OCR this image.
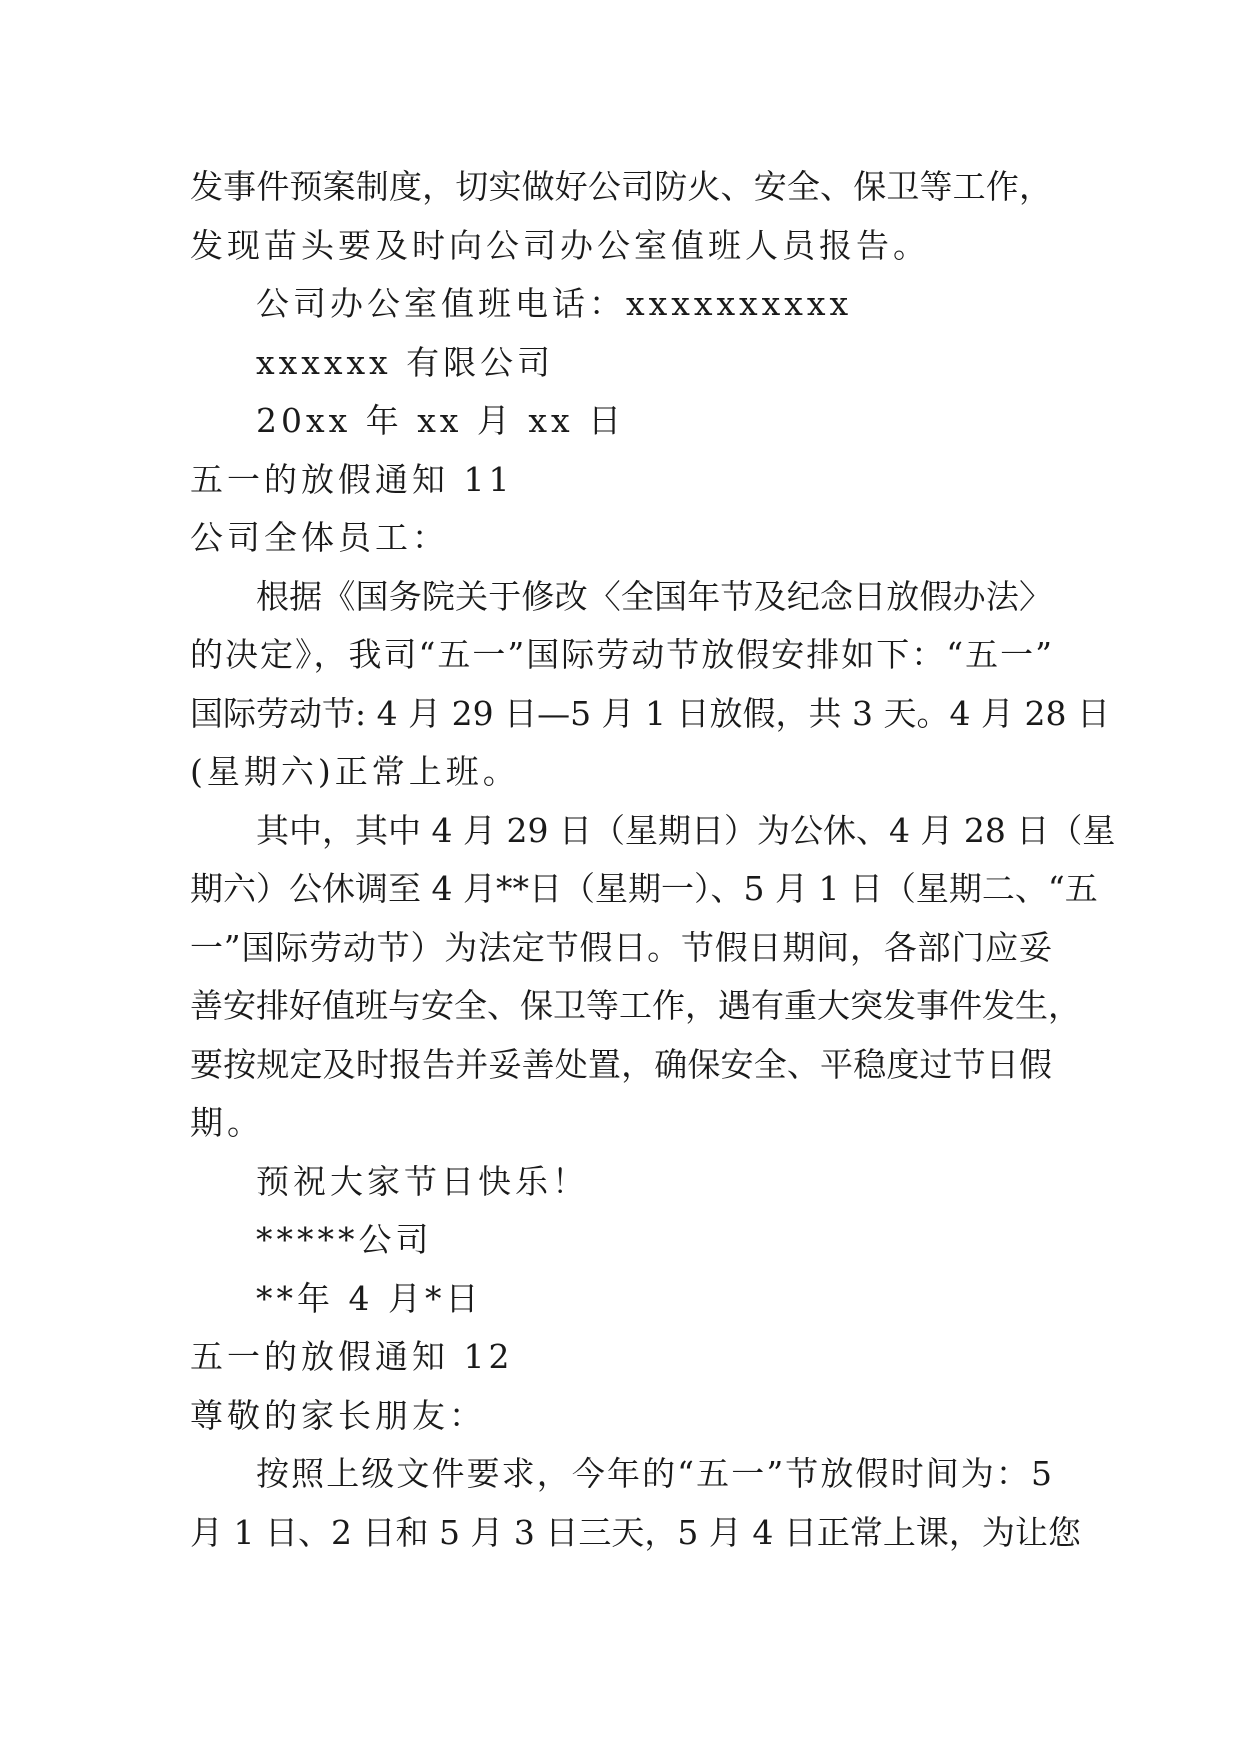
发事件预案制度，切实做好公司防火、安全、保卫等工作，
发现苗头要及时向公司办公室值班人员报告。
公司办公室值班电话：xxxxxxxxxx
xxxxxx 有限公司
20xx 年 xx 月 xx 日
五一的放假通知 11
公司全体员工：
根据《国务院关于修改〈全国年节及纪念日放假办法〉
的决定》，我司“五一”国际劳动节放假安排如下：“五一”
国际劳动节: 4 月 29 日—5 月 1 日放假，共 3 天。4 月 28 日
(星期六)正常上班。
其中，其中 4 月 29 日（星期日）为公休、4 月 28 日（星
期六）公休调至 4 月**日（星期一）、5 月 1 日（星期二、“五
一”国际劳动节）为法定节假日。节假日期间，各部门应妥
善安排好值班与安全、保卫等工作，遇有重大突发事件发生，
要按规定及时报告并妥善处置，确保安全、平稳度过节日假
期。
预祝大家节日快乐！
*****公司
**年 4 月*日
五一的放假通知 12
尊敬的家长朋友：
按照上级文件要求，今年的“五一”节放假时间为：5
月 1 日、2 日和 5 月 3 日三天，5 月 4 日正常上课，为让您
